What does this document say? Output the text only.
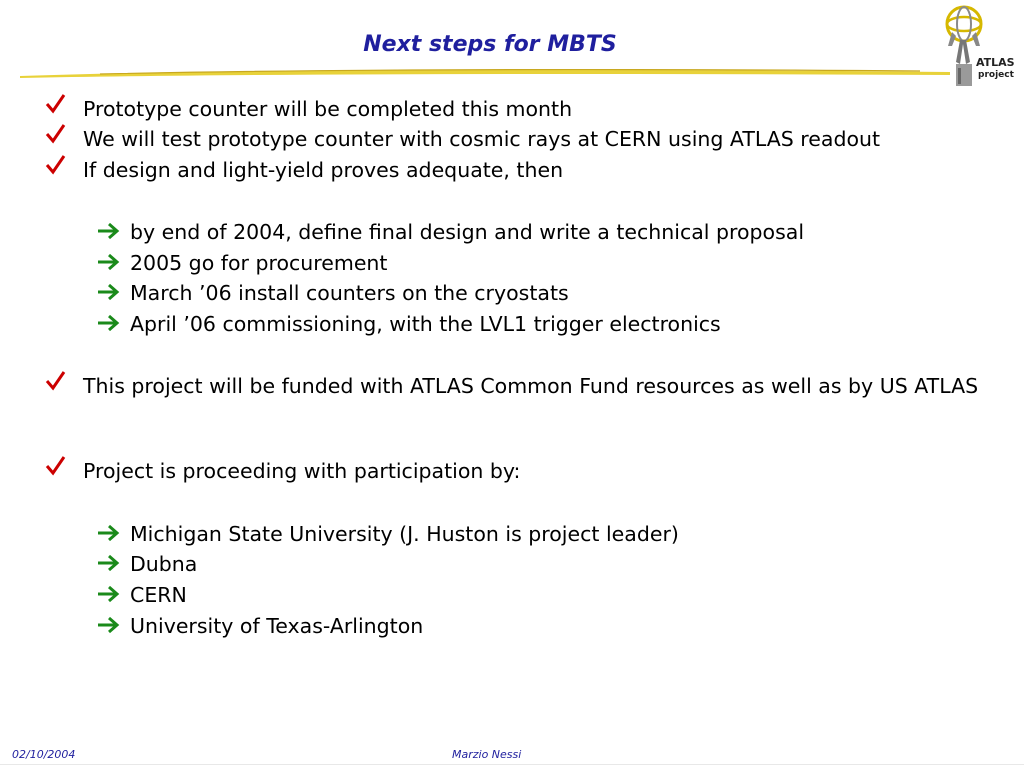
Next steps for MBTS
ATLAS
project
Prototype counter will be completed this month
We will test prototype counter with cosmic rays at CERN using ATLAS readout
If design and light-yield proves adequate, then
by end of 2004, define final design and write a technical proposal
2005 go for procurement
March ’06 install counters on the cryostats
April ’06 commissioning, with the LVL1 trigger electronics
This project will be funded with ATLAS Common Fund resources as well as by US ATLAS
Project is proceeding with participation by:
Michigan State University (J. Huston is project leader)
Dubna
CERN
University of Texas-Arlington
02/10/2004	Marzio Nessi
